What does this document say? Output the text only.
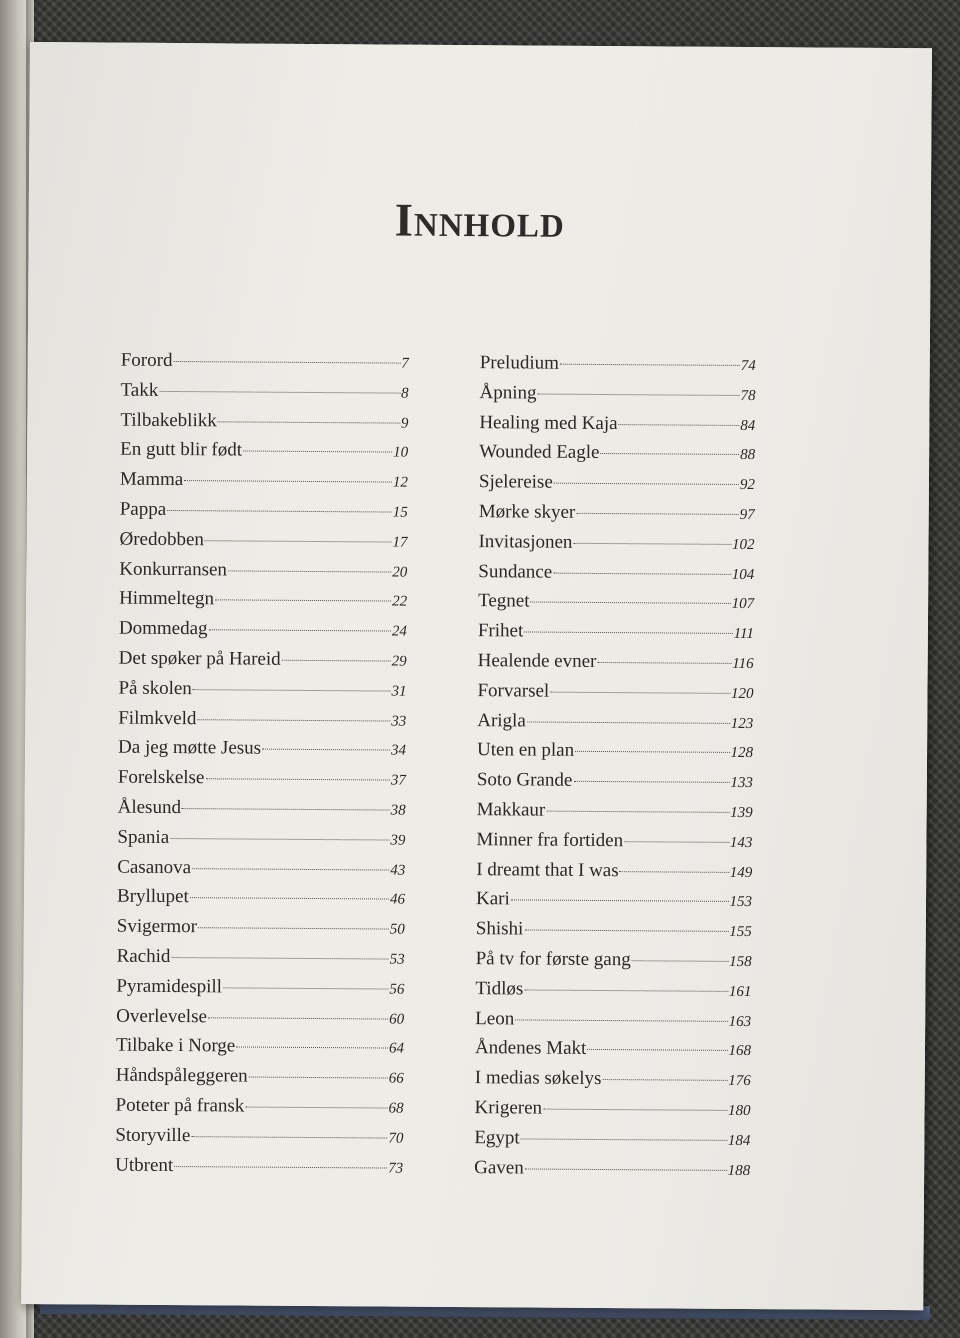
Innhold
Forord	7
Takk	8
Tilbakeblikk	9
En gutt blir født	10
Mamma	12
Pappa	15
Øredobben	17
Konkurransen	20
Himmeltegn	22
Dommedag	24
Det spøker på Hareid	29
På skolen	31
Filmkveld	33
Da jeg møtte Jesus	34
Forelskelse	37
Ålesund	38
Spania	39
Casanova	43
Bryllupet	46
Svigermor	50
Rachid	53
Pyramidespill	56
Overlevelse	60
Tilbake i Norge	64
Håndspåleggeren	66
Poteter på fransk	68
Storyville	70
Utbrent	73
Preludium	74
Åpning	78
Healing med Kaja	84
Wounded Eagle	88
Sjelereise	92
Mørke skyer	97
Invitasjonen	102
Sundance	104
Tegnet	107
Frihet	111
Healende evner	116
Forvarsel	120
Arigla	123
Uten en plan	128
Soto Grande	133
Makkaur	139
Minner fra fortiden	143
I dreamt that I was	149
Kari	153
Shishi	155
På tv for første gang	158
Tidløs	161
Leon	163
Åndenes Makt	168
I medias søkelys	176
Krigeren	180
Egypt	184
Gaven	188
